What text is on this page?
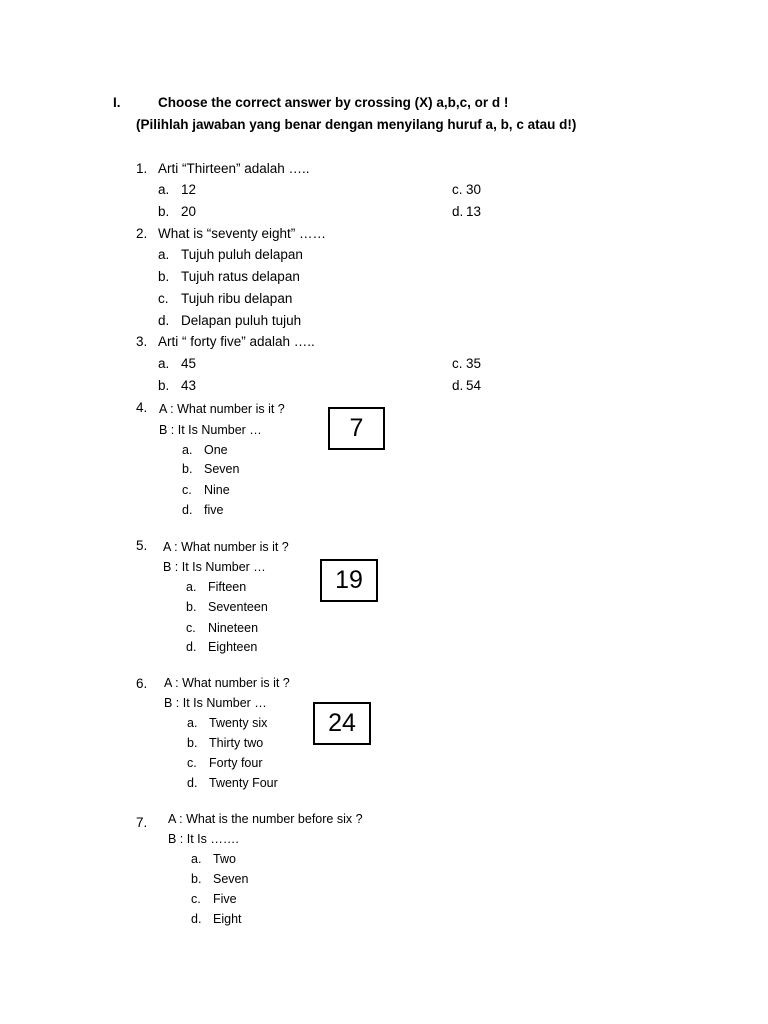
I.	Choose the correct answer by crossing (X) a,b,c, or d !
(Pilihlah jawaban yang benar dengan menyilang huruf a, b, c atau d!)
1. Arti “Thirteen” adalah …..
a. 12
b. 20
c. 30
d. 13
2. What is “seventy eight” ……
a. Tujuh puluh delapan
b. Tujuh ratus delapan
c. Tujuh ribu delapan
d. Delapan puluh tujuh
3. Arti “ forty five” adalah …..
a. 45
b. 43
c. 35
d. 54
4. A : What number is it ?
B : It Is Number …
a. One
b. Seven
c. Nine
d. five
7
5. A : What number is it ?
B : It Is Number …
a. Fifteen
b. Seventeen
c. Nineteen
d. Eighteen
19
6. A : What number is it ?
B : It Is Number …
a. Twenty six
b. Thirty two
c. Forty four
d. Twenty Four
24
7. A : What is the number before six ?
B : It Is …….
a. Two
b. Seven
c. Five
d. Eight
